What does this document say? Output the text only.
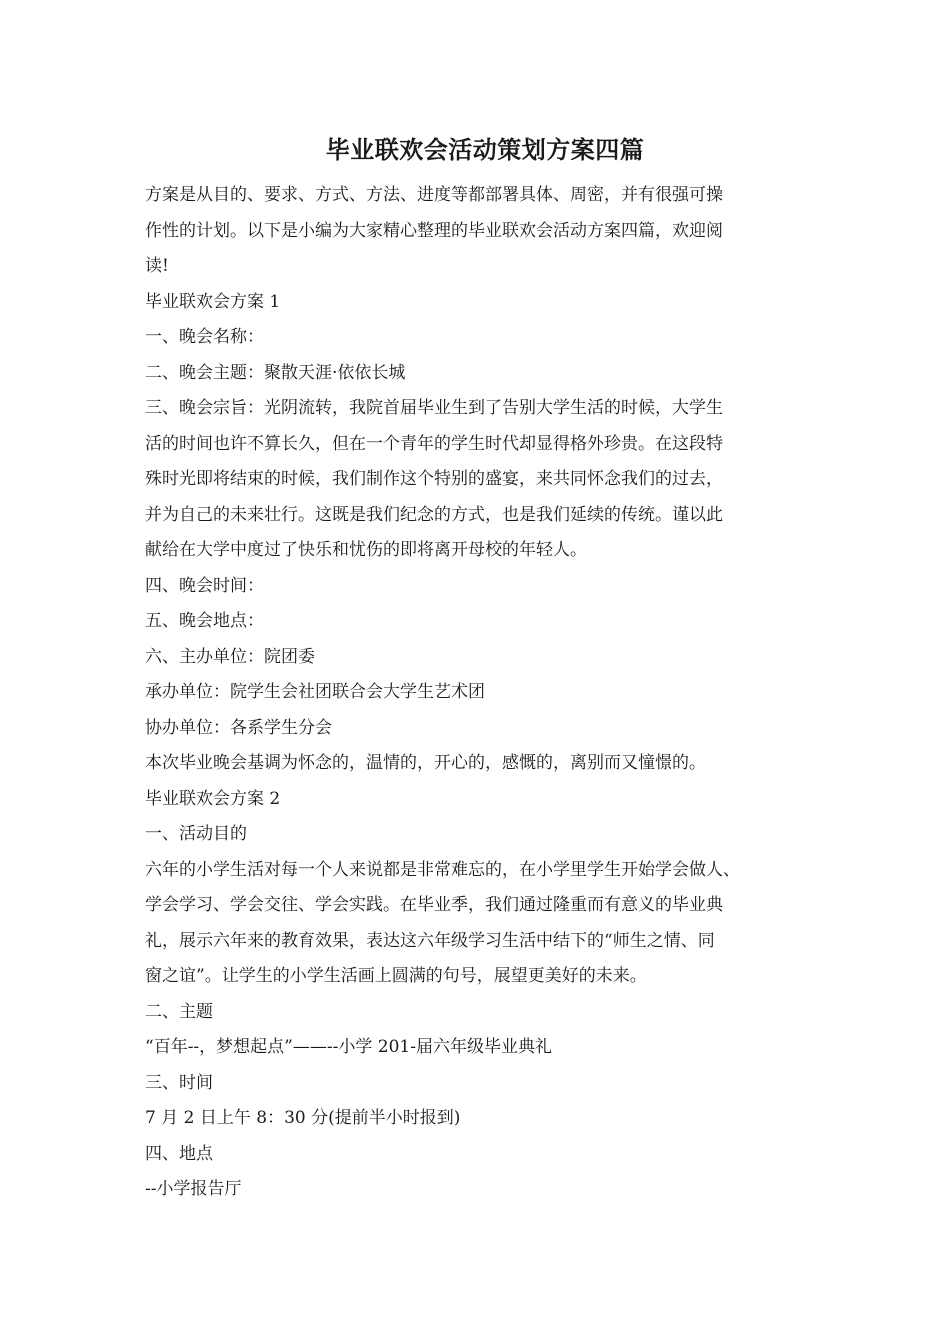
毕业联欢会活动策划方案四篇
方案是从目的、要求、方式、方法、进度等都部署具体、周密，并有很强可操
作性的计划。以下是小编为大家精心整理的毕业联欢会活动方案四篇，欢迎阅
读!
毕业联欢会方案 1
一、晚会名称：
二、晚会主题：聚散天涯·依依长城
三、晚会宗旨：光阴流转，我院首届毕业生到了告别大学生活的时候，大学生
活的时间也许不算长久，但在一个青年的学生时代却显得格外珍贵。在这段特
殊时光即将结束的时候，我们制作这个特别的盛宴，来共同怀念我们的过去，
并为自己的未来壮行。这既是我们纪念的方式，也是我们延续的传统。谨以此
献给在大学中度过了快乐和忧伤的即将离开母校的年轻人。
四、晚会时间：
五、晚会地点：
六、主办单位：院团委
承办单位：院学生会社团联合会大学生艺术团
协办单位：各系学生分会
本次毕业晚会基调为怀念的，温情的，开心的，感慨的，离别而又憧憬的。
毕业联欢会方案 2
一、活动目的
六年的小学生活对每一个人来说都是非常难忘的，在小学里学生开始学会做人、
学会学习、学会交往、学会实践。在毕业季，我们通过隆重而有意义的毕业典
礼，展示六年来的教育效果，表达这六年级学习生活中结下的“师生之情、同
窗之谊”。让学生的小学生活画上圆满的句号，展望更美好的未来。
二、主题
“百年--，梦想起点”——--小学 201-届六年级毕业典礼
三、时间
7 月 2 日上午 8：30 分(提前半小时报到)
四、地点
--小学报告厅
